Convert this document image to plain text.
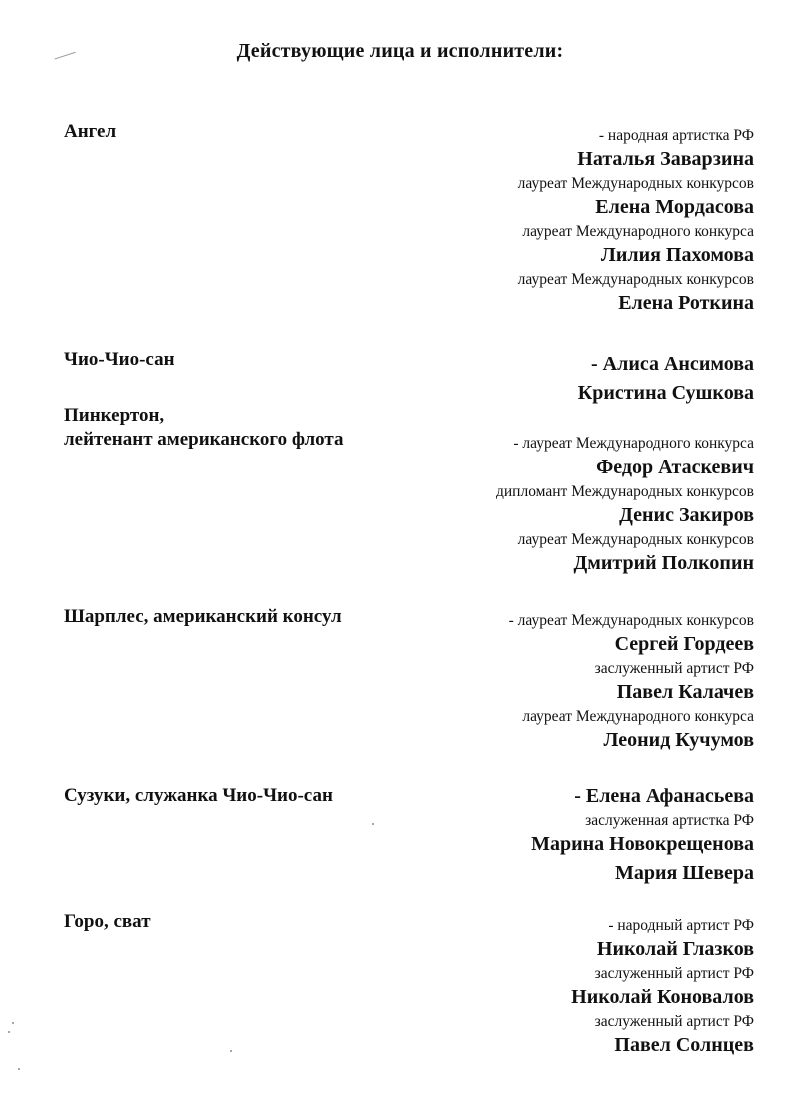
Действующие лица и исполнители:
Ангел	- народная артистка РФ
Наталья Заварзина
лауреат Международных конкурсов
Елена Мордасова
лауреат Международного конкурса
Лилия Пахомова
лауреат Международных конкурсов
Елена Роткина
Чио-Чио-сан	- Алиса Ансимова
Кристина Сушкова
Пинкертон,
лейтенант американского флота	- лауреат Международного конкурса
Федор Атаскевич
дипломант Международных конкурсов
Денис Закиров
лауреат Международных конкурсов
Дмитрий Полкопин
Шарплес, американский консул	- лауреат Международных конкурсов
Сергей Гордеев
заслуженный артист РФ
Павел Калачев
лауреат Международного конкурса
Леонид Кучумов
Сузуки, служанка Чио-Чио-сан	- Елена Афанасьева
заслуженная артистка РФ
Марина Новокрещенова
Мария Шевера
Горо, сват	- народный артист РФ
Николай Глазков
заслуженный артист РФ
Николай Коновалов
заслуженный артист РФ
Павел Солнцев
